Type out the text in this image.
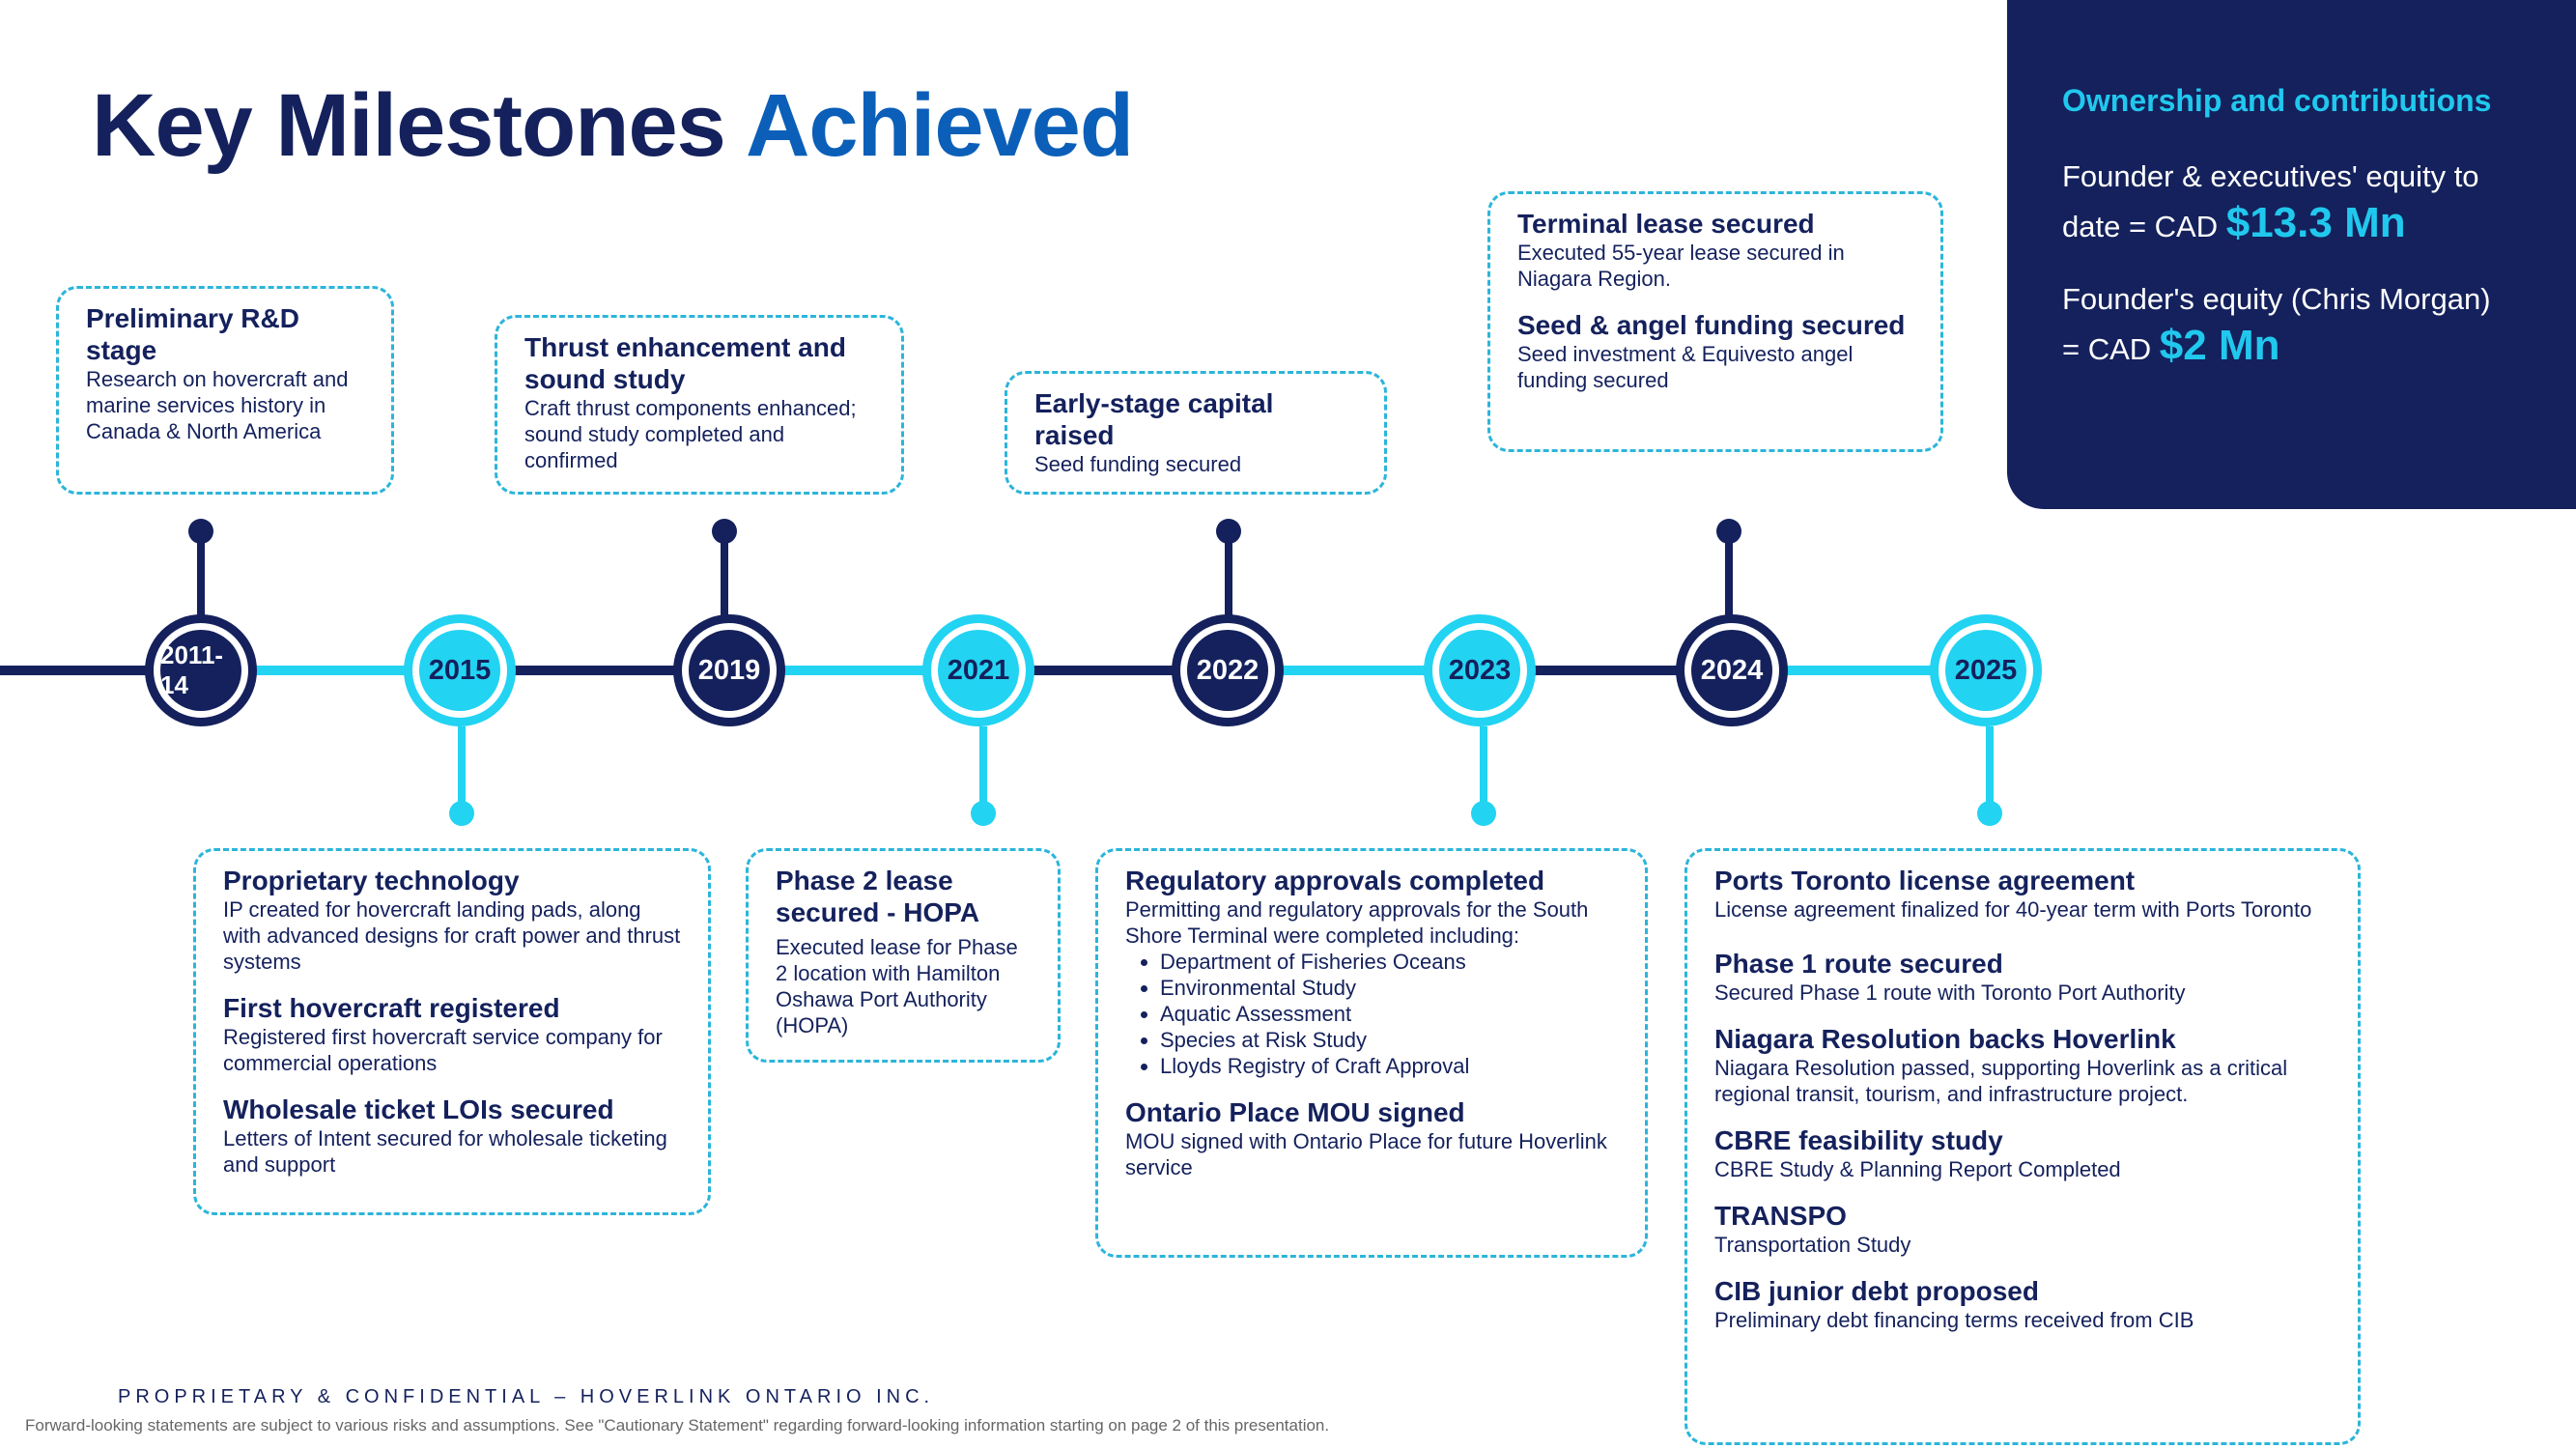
Key Milestones Achieved	Ownership and contributions
Founder & executives' equity to
date = CAD $13.3 Mn
Founder's equity (Chris Morgan)
= CAD $2 Mn
2011-14	2015	2019	2021	2022	2023	2024	2025
Preliminary R&D stage
Research on hovercraft and marine services history in Canada & North America
Thrust enhancement and sound study
Craft thrust components enhanced; sound study completed and confirmed
Early-stage capital raised
Seed funding secured
Terminal lease secured
Executed 55-year lease secured in Niagara Region.
Seed & angel funding secured
Seed investment & Equivesto angel funding secured
Proprietary technology
IP created for hovercraft landing pads, along with advanced designs for craft power and thrust systems
First hovercraft registered
Registered first hovercraft service company for commercial operations
Wholesale ticket LOIs secured
Letters of Intent secured for wholesale ticketing and support
Phase 2 lease secured - HOPA
Executed lease for Phase 2 location with Hamilton Oshawa Port Authority (HOPA)
Regulatory approvals completed
Permitting and regulatory approvals for the South Shore Terminal were completed including:
• Department of Fisheries Oceans
• Environmental Study
• Aquatic Assessment
• Species at Risk Study
• Lloyds Registry of Craft Approval
Ontario Place MOU signed
MOU signed with Ontario Place for future Hoverlink service
Ports Toronto license agreement
License agreement finalized for 40-year term with Ports Toronto
Phase 1 route secured
Secured Phase 1 route with Toronto Port Authority
Niagara Resolution backs Hoverlink
Niagara Resolution passed, supporting Hoverlink as a critical regional transit, tourism, and infrastructure project.
CBRE feasibility study
CBRE Study & Planning Report Completed
TRANSPO
Transportation Study
CIB junior debt proposed
Preliminary debt financing terms received from CIB
PROPRIETARY & CONFIDENTIAL – HOVERLINK ONTARIO INC.
Forward-looking statements are subject to various risks and assumptions. See "Cautionary Statement" regarding forward-looking information starting on page 2 of this presentation.
